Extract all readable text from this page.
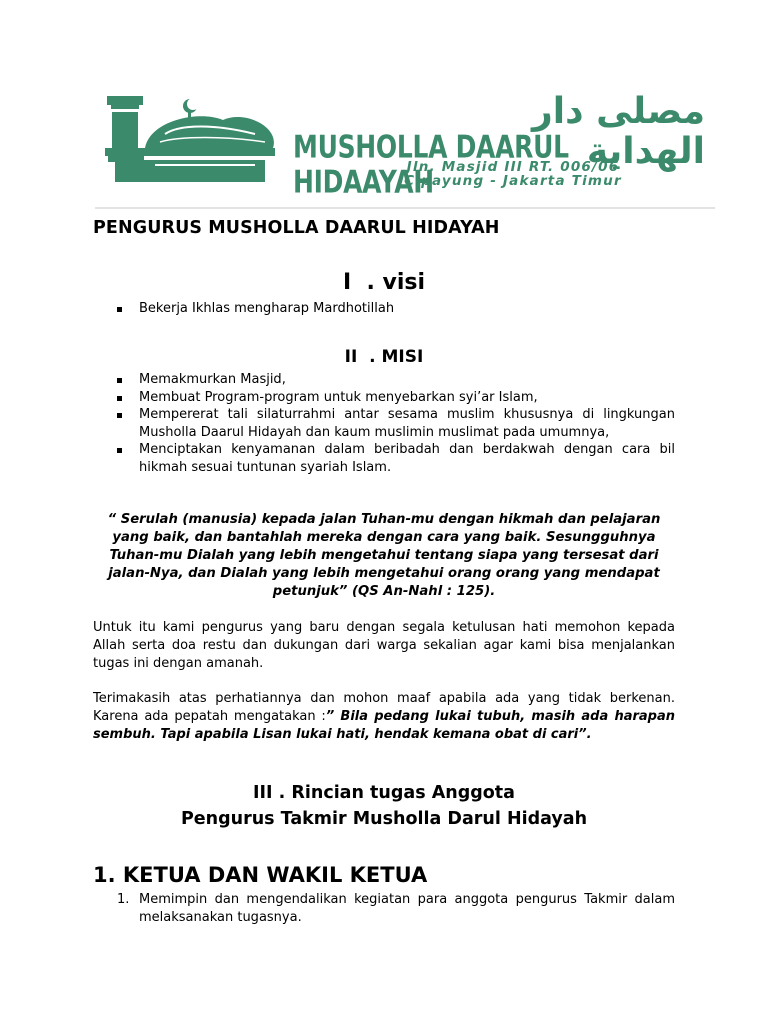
مصلى دار الهداية
MUSHOLLA DAARUL HIDAAYAH
Jln. Masjid III RT. 006/06
Cipayung - Jakarta Timur
PENGURUS MUSHOLLA DAARUL HIDAYAH
I  . visi
Bekerja Ikhlas mengharap Mardhotillah
II  . MISI
Memakmurkan Masjid,
Membuat Program-program untuk menyebarkan syi’ar Islam,
Mempererat tali silaturrahmi antar sesama muslim khususnya di lingkungan Musholla Daarul Hidayah dan kaum muslimin muslimat pada umumnya,
Menciptakan kenyamanan dalam beribadah dan berdakwah dengan cara bil hikmah sesuai tuntunan syariah Islam.
“ Serulah (manusia) kepada jalan Tuhan-mu dengan hikmah dan pelajaran yang baik, dan bantahlah mereka dengan cara yang baik. Sesungguhnya Tuhan-mu Dialah yang lebih mengetahui tentang siapa yang tersesat dari jalan-Nya, dan Dialah yang lebih mengetahui orang orang yang mendapat petunjuk” (QS An-Nahl : 125).
Untuk itu kami pengurus yang baru dengan segala ketulusan hati memohon kepada Allah serta doa restu dan dukungan dari warga sekalian agar kami bisa menjalankan tugas ini dengan amanah.
Terimakasih atas perhatiannya dan mohon maaf apabila ada yang tidak berkenan. Karena ada pepatah mengatakan :” Bila pedang lukai tubuh, masih ada harapan sembuh. Tapi apabila Lisan lukai hati, hendak kemana obat di cari”.
III . Rincian tugas Anggota
Pengurus Takmir Musholla Darul Hidayah
1. KETUA DAN WAKIL KETUA
1. Memimpin dan mengendalikan kegiatan para anggota pengurus Takmir dalam melaksanakan tugasnya.
